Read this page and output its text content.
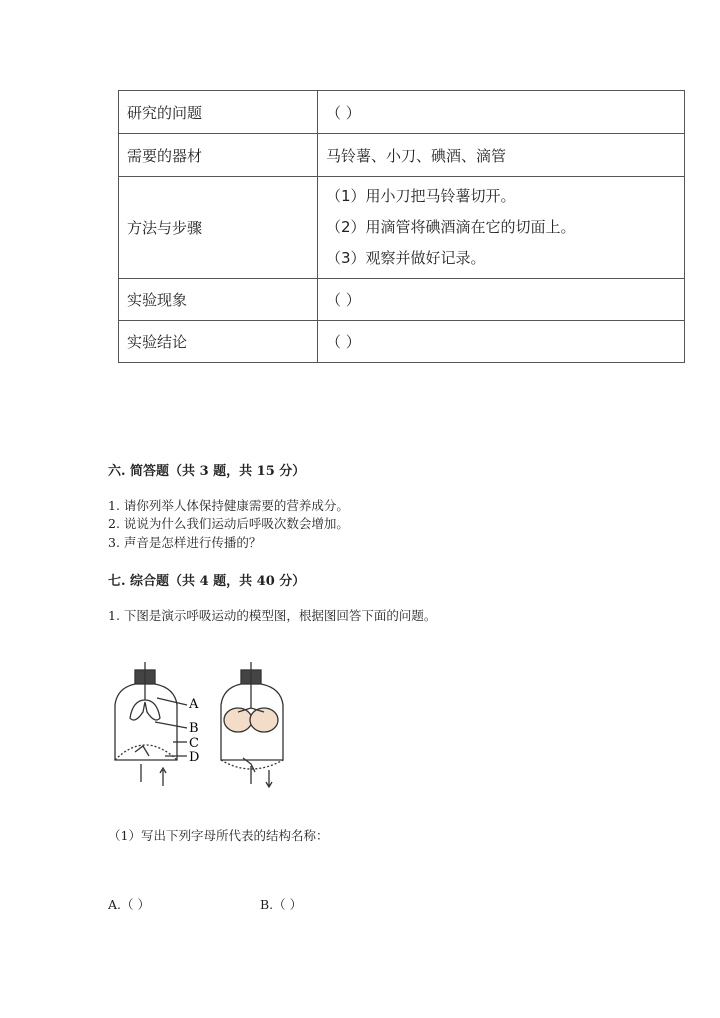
研究的问题	（ ）
需要的器材	马铃薯、小刀、碘酒、滴管
方法与步骤	（1）用小刀把马铃薯切开。
（2）用滴管将碘酒滴在它的切面上。
（3）观察并做好记录。

实验现象	（ ）
实验结论	（ ）
六. 简答题（共 3 题，共 15 分）
1. 请你列举人体保持健康需要的营养成分。
2. 说说为什么我们运动后呼吸次数会增加。
3. 声音是怎样进行传播的？
七. 综合题（共 4 题，共 40 分）
1. 下图是演示呼吸运动的模型图，根据图回答下面的问题。
A
B
C
D
（1）写出下列字母所代表的结构名称：
A.（ ）	B.（ ）
